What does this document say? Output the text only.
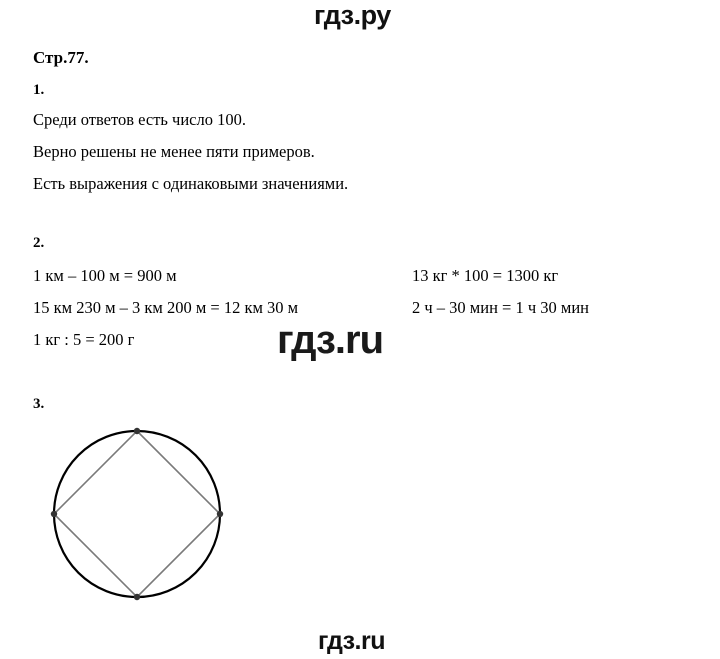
гдз.ру
Стр.77.
1.
Среди ответов есть число 100.
Верно решены не менее пяти примеров.
Есть выражения с одинаковыми значениями.
2.
1 км – 100 м = 900 м
15 км 230 м – 3 км 200 м = 12 км 30 м
1 кг : 5 = 200 г
13 кг * 100 = 1300 кг
2 ч – 30 мин = 1 ч 30 мин
гдз.ru
3.
гдз.ru
